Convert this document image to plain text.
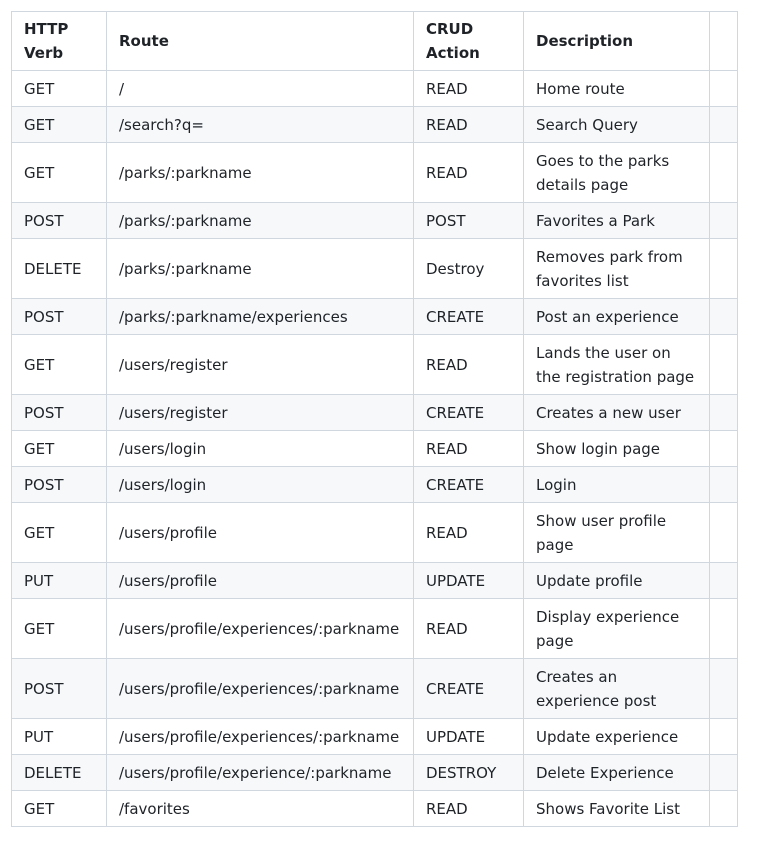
HTTP Verb	Route	CRUD Action	Description	
GET	/	READ	Home route	
GET	/search?q=	READ	Search Query	
GET	/parks/:parkname	READ	Goes to the parks details page	
POST	/parks/:parkname	POST	Favorites a Park	
DELETE	/parks/:parkname	Destroy	Removes park from favorites list	
POST	/parks/:parkname/experiences	CREATE	Post an experience	
GET	/users/register	READ	Lands the user on the registration page	
POST	/users/register	CREATE	Creates a new user	
GET	/users/login	READ	Show login page	
POST	/users/login	CREATE	Login	
GET	/users/profile	READ	Show user profile page	
PUT	/users/profile	UPDATE	Update profile	
GET	/users/profile/experiences/:parkname	READ	Display experience page	
POST	/users/profile/experiences/:parkname	CREATE	Creates an experience post	
PUT	/users/profile/experiences/:parkname	UPDATE	Update experience	
DELETE	/users/profile/experience/:parkname	DESTROY	Delete Experience	
GET	/favorites	READ	Shows Favorite List	
